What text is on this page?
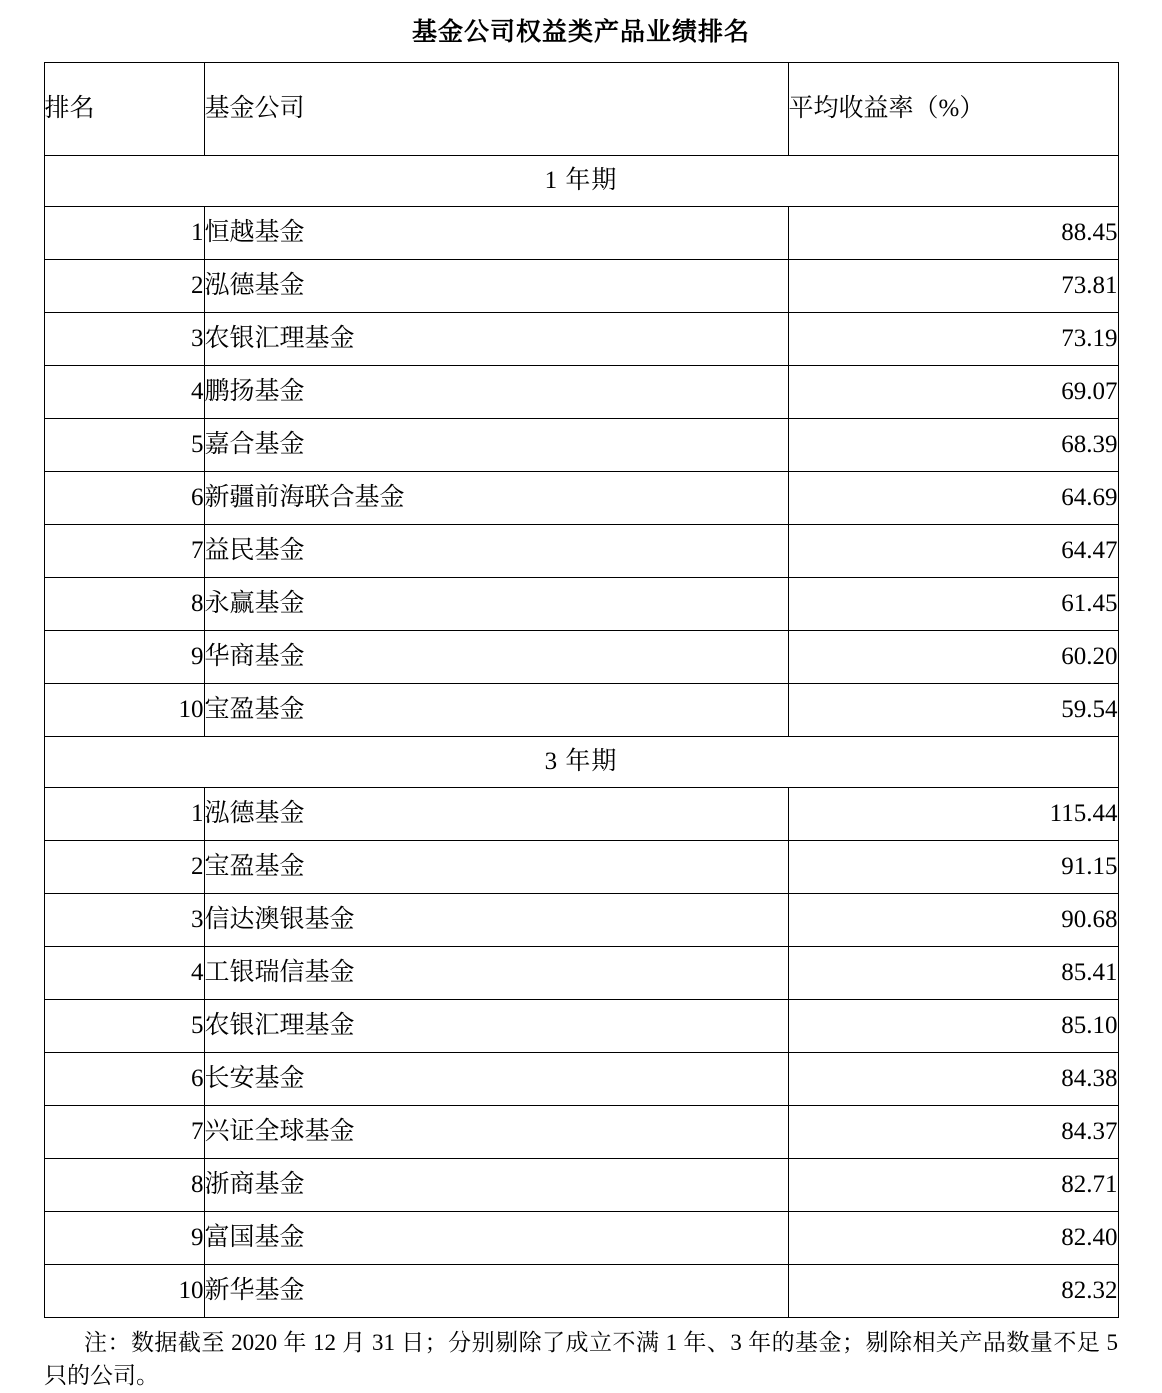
基金公司权益类产品业绩排名
排名	基金公司	平均收益率（%）
1 年期		
1	恒越基金	88.45
2	泓德基金	73.81
3	农银汇理基金	73.19
4	鹏扬基金	69.07
5	嘉合基金	68.39
6	新疆前海联合基金	64.69
7	益民基金	64.47
8	永赢基金	61.45
9	华商基金	60.20
10	宝盈基金	59.54
3 年期		
1	泓德基金	115.44
2	宝盈基金	91.15
3	信达澳银基金	90.68
4	工银瑞信基金	85.41
5	农银汇理基金	85.10
6	长安基金	84.38
7	兴证全球基金	84.37
8	浙商基金	82.71
9	富国基金	82.40
10	新华基金	82.32
注：数据截至 2020 年 12 月 31 日；分别剔除了成立不满 1 年、3 年的基金；剔除相关产品数量不足 5 只的公司。
